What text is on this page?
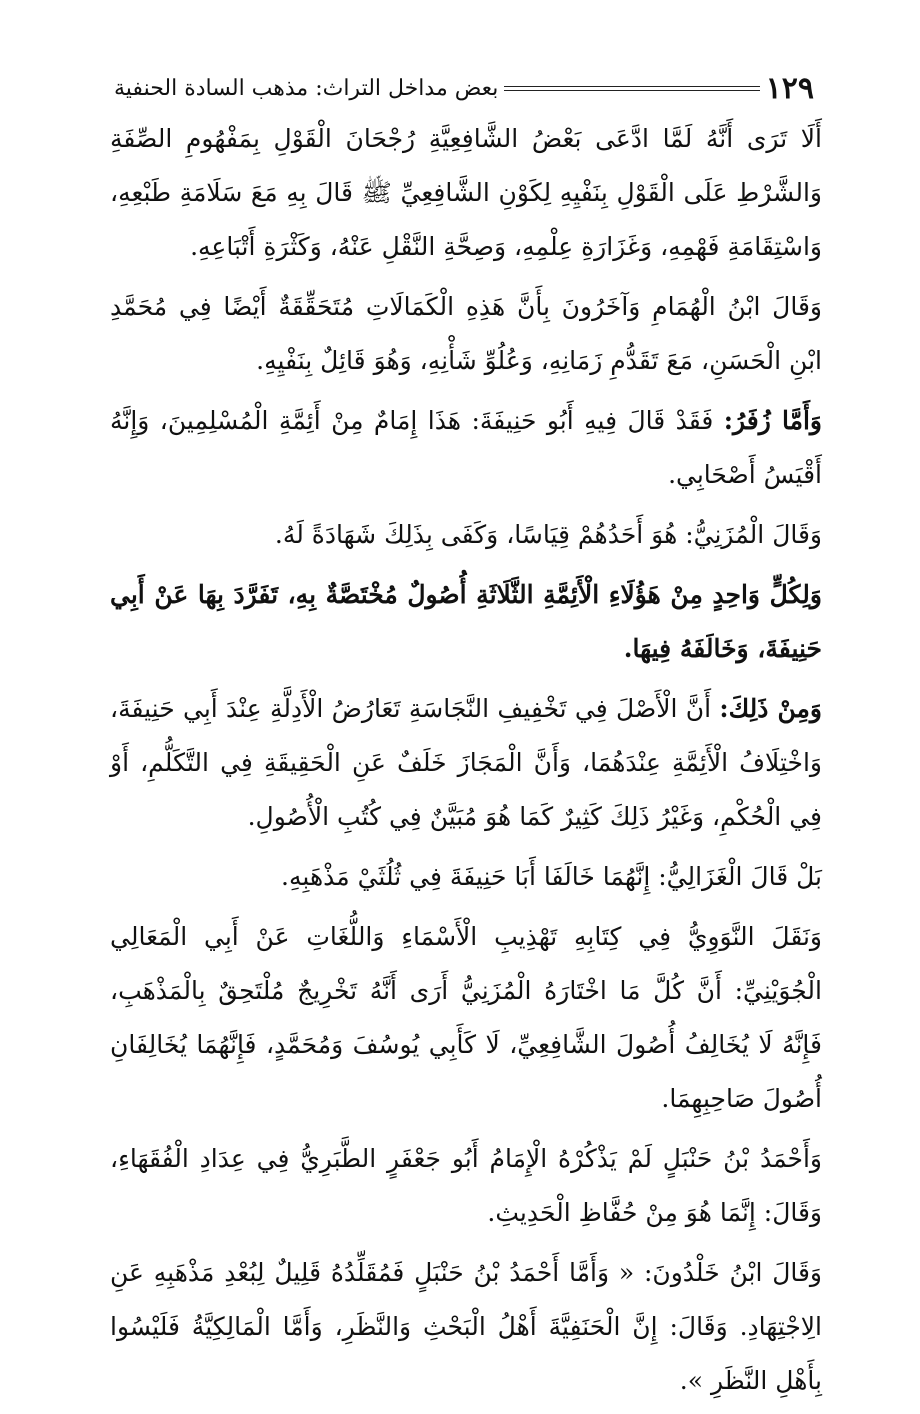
بعض مداخل التراث: مذهب السادة الحنفية	١٢٩

أَلَا تَرَى أَنَّهُ لَمَّا ادَّعَى بَعْضُ الشَّافِعِيَّةِ رُجْحَانَ الْقَوْلِ بِمَفْهُومِ الصِّفَةِ وَالشَّرْطِ عَلَى الْقَوْلِ بِنَفْيِهِ لِكَوْنِ الشَّافِعِيِّ ﷺ قَالَ بِهِ مَعَ سَلَامَةِ طَبْعِهِ، وَاسْتِقَامَةِ فَهْمِهِ، وَغَزَارَةِ عِلْمِهِ، وَصِحَّةِ النَّقْلِ عَنْهُ، وَكَثْرَةِ أَتْبَاعِهِ.

وَقَالَ ابْنُ الْهُمَامِ وَآخَرُونَ بِأَنَّ هَذِهِ الْكَمَالَاتِ مُتَحَقِّقَةٌ أَيْضًا فِي مُحَمَّدِ ابْنِ الْحَسَنِ، مَعَ تَقَدُّمِ زَمَانِهِ، وَعُلُوِّ شَأْنِهِ، وَهُوَ قَائِلٌ بِنَفْيِهِ.

وَأَمَّا زُفَرُ: فَقَدْ قَالَ فِيهِ أَبُو حَنِيفَةَ: هَذَا إِمَامٌ مِنْ أَئِمَّةِ الْمُسْلِمِينَ، وَإِنَّهُ أَقْيَسُ أَصْحَابِي.

وَقَالَ الْمُزَنِيُّ: هُوَ أَحَدُهُمْ قِيَاسًا، وَكَفَى بِذَلِكَ شَهَادَةً لَهُ.

وَلِكُلٍّ وَاحِدٍ مِنْ هَؤُلَاءِ الْأَئِمَّةِ الثَّلَاثَةِ أُصُولٌ مُخْتَصَّةٌ بِهِ، تَفَرَّدَ بِهَا عَنْ أَبِي حَنِيفَةَ، وَخَالَفَهُ فِيهَا.

وَمِنْ ذَلِكَ: أَنَّ الْأَصْلَ فِي تَخْفِيفِ النَّجَاسَةِ تَعَارُضُ الْأَدِلَّةِ عِنْدَ أَبِي حَنِيفَةَ، وَاخْتِلَافُ الْأَئِمَّةِ عِنْدَهُمَا، وَأَنَّ الْمَجَازَ خَلَفٌ عَنِ الْحَقِيقَةِ فِي التَّكَلُّمِ، أَوْ فِي الْحُكْمِ، وَغَيْرُ ذَلِكَ كَثِيرٌ كَمَا هُوَ مُبَيَّنٌ فِي كُتُبِ الْأُصُولِ.

بَلْ قَالَ الْغَزَالِيُّ: إِنَّهُمَا خَالَفَا أَبَا حَنِيفَةَ فِي ثُلُثَيْ مَذْهَبِهِ.

وَنَقَلَ النَّوَوِيُّ فِي كِتَابِهِ تَهْذِيبِ الْأَسْمَاءِ وَاللُّغَاتِ عَنْ أَبِي الْمَعَالِي الْجُوَيْنِيِّ: أَنَّ كُلَّ مَا اخْتَارَهُ الْمُزَنِيُّ أَرَى أَنَّهُ تَخْرِيجٌ مُلْتَحِقٌ بِالْمَذْهَبِ، فَإِنَّهُ لَا يُخَالِفُ أُصُولَ الشَّافِعِيِّ، لَا كَأَبِي يُوسُفَ وَمُحَمَّدٍ، فَإِنَّهُمَا يُخَالِفَانِ أُصُولَ صَاحِبِهِمَا.

وَأَحْمَدُ بْنُ حَنْبَلٍ لَمْ يَذْكُرْهُ الْإِمَامُ أَبُو جَعْفَرٍ الطَّبَرِيُّ فِي عِدَادِ الْفُقَهَاءِ، وَقَالَ: إِنَّمَا هُوَ مِنْ حُفَّاظِ الْحَدِيثِ.

وَقَالَ ابْنُ خَلْدُونَ: « وَأَمَّا أَحْمَدُ بْنُ حَنْبَلٍ فَمُقَلِّدُهُ قَلِيلٌ لِبُعْدِ مَذْهَبِهِ عَنِ الِاجْتِهَادِ. وَقَالَ: إِنَّ الْحَنَفِيَّةَ أَهْلُ الْبَحْثِ وَالنَّظَرِ، وَأَمَّا الْمَالِكِيَّةُ فَلَيْسُوا بِأَهْلِ النَّظَرِ ».
